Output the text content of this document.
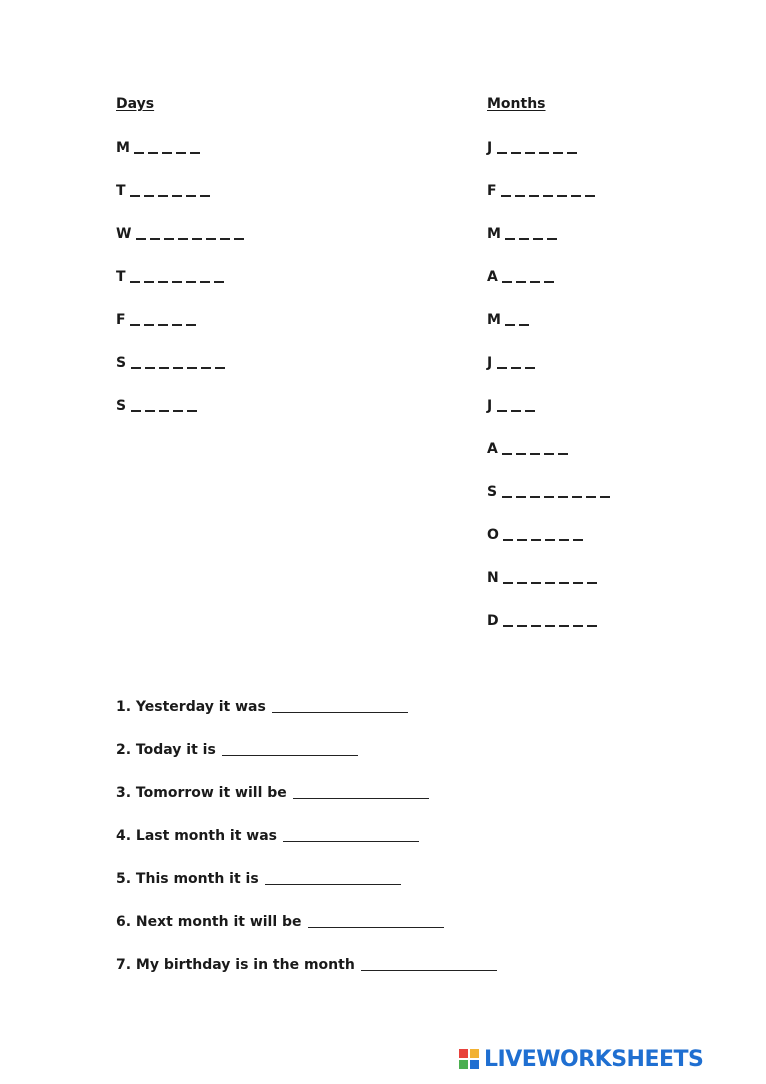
Days	Months
M
T
W
T
F
S
S
J
F
M
A
M
J
J
A
S
O
N
D
1. Yesterday it was
2. Today it is
3. Tomorrow it will be
4. Last month it was
5. This month it is
6. Next month it will be
7. My birthday is in the month
LIVEWORKSHEETS
